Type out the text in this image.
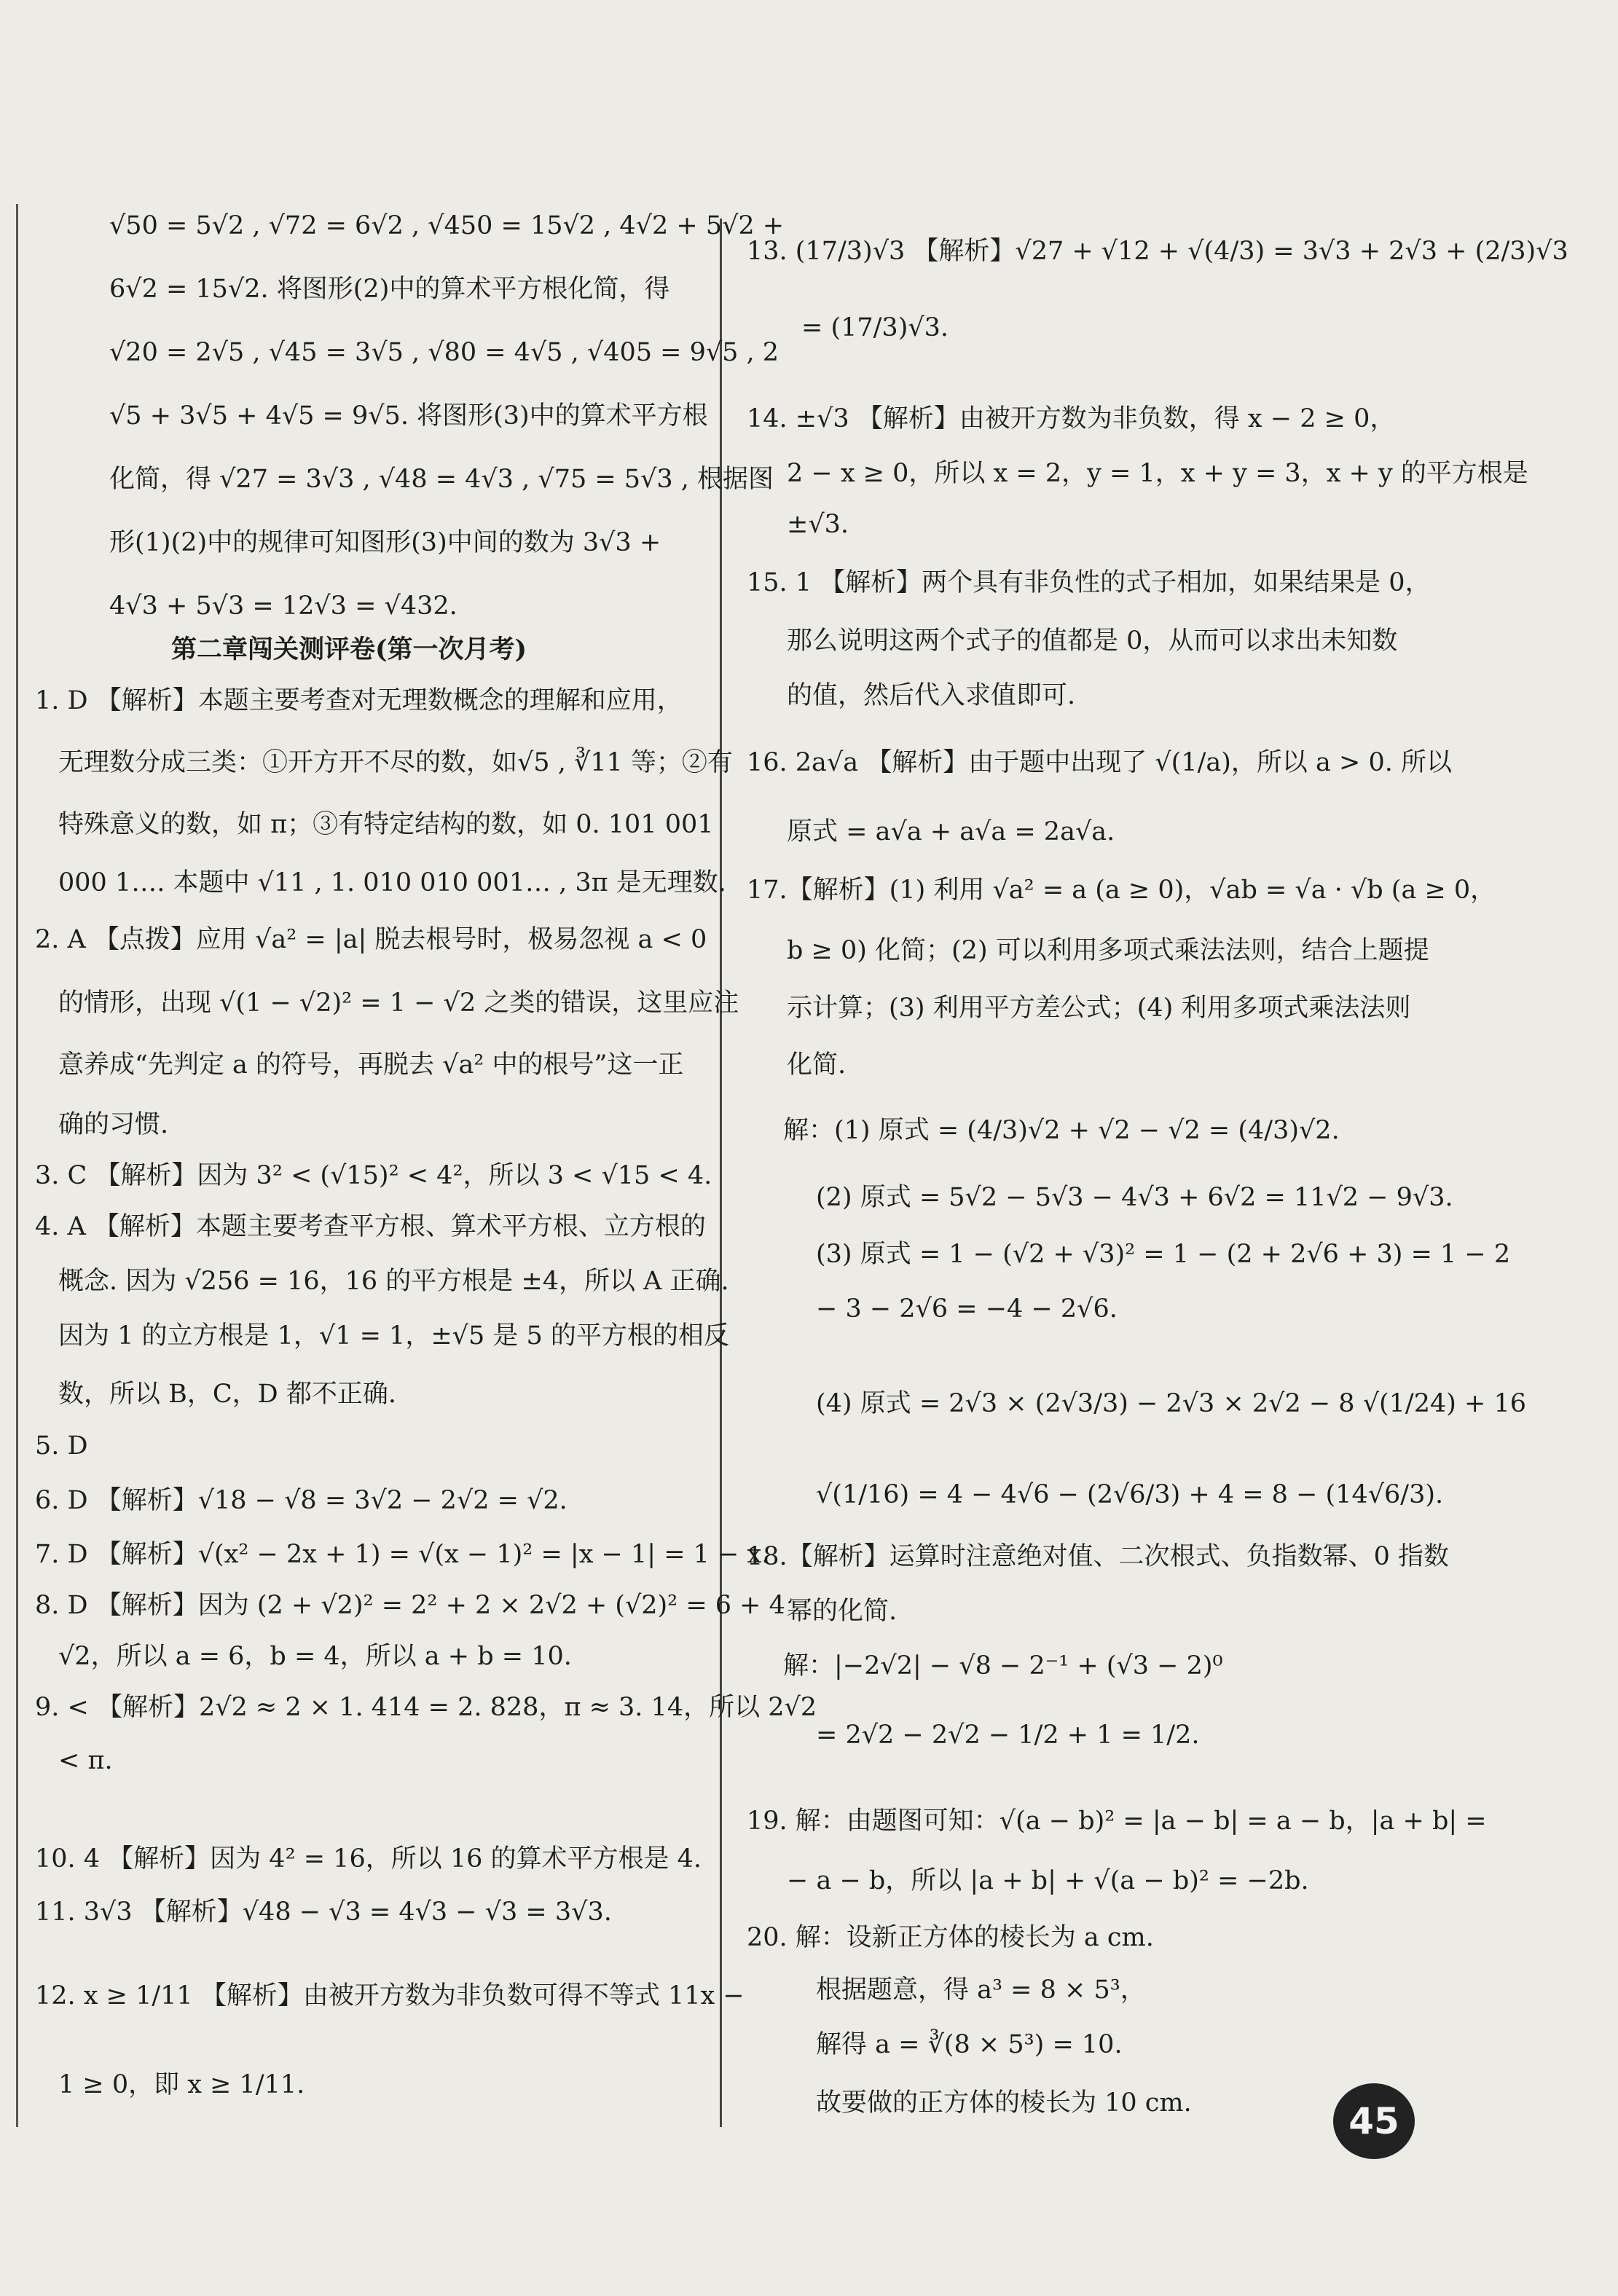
√50 = 5√2 , √72 = 6√2 , √450 = 15√2 , 4√2 + 5√2 +
6√2 = 15√2. 将图形(2)中的算术平方根化简，得
√20 = 2√5 , √45 = 3√5 , √80 = 4√5 , √405 = 9√5 , 2
√5 + 3√5 + 4√5 = 9√5. 将图形(3)中的算术平方根
化简，得 √27 = 3√3 , √48 = 4√3 , √75 = 5√3 , 根据图
形(1)(2)中的规律可知图形(3)中间的数为 3√3 +
4√3 + 5√3 = 12√3 = √432.
第二章闯关测评卷(第一次月考)
1. D 【解析】本题主要考查对无理数概念的理解和应用，
无理数分成三类：①开方开不尽的数，如√5 , ∛11 等；②有
特殊意义的数，如 π；③有特定结构的数，如 0. 101 001
000 1…. 本题中 √11 , 1. 010 010 001… , 3π 是无理数.
2. A 【点拨】应用 √a² = |a| 脱去根号时，极易忽视 a < 0
的情形，出现 √(1 − √2)² = 1 − √2 之类的错误，这里应注
意养成“先判定 a 的符号，再脱去 √a² 中的根号”这一正
确的习惯.
3. C 【解析】因为 3² < (√15)² < 4²，所以 3 < √15 < 4.
4. A 【解析】本题主要考查平方根、算术平方根、立方根的
概念. 因为 √256 = 16，16 的平方根是 ±4，所以 A 正确.
因为 1 的立方根是 1，√1 = 1，±√5 是 5 的平方根的相反
数，所以 B，C，D 都不正确.
5. D
6. D 【解析】√18 − √8 = 3√2 − 2√2 = √2.
7. D 【解析】√(x² − 2x + 1) = √(x − 1)² = |x − 1| = 1 − x.
8. D 【解析】因为 (2 + √2)² = 2² + 2 × 2√2 + (√2)² = 6 + 4
√2，所以 a = 6，b = 4，所以 a + b = 10.
9. < 【解析】2√2 ≈ 2 × 1. 414 = 2. 828，π ≈ 3. 14，所以 2√2
< π.
10. 4 【解析】因为 4² = 16，所以 16 的算术平方根是 4.
11. 3√3 【解析】√48 − √3 = 4√3 − √3 = 3√3.
12. x ≥ 1/11 【解析】由被开方数为非负数可得不等式 11x −
1 ≥ 0，即 x ≥ 1/11.
13. (17/3)√3 【解析】√27 + √12 + √(4/3) = 3√3 + 2√3 + (2/3)√3
= (17/3)√3.
14. ±√3 【解析】由被开方数为非负数，得 x − 2 ≥ 0，
2 − x ≥ 0，所以 x = 2，y = 1，x + y = 3，x + y 的平方根是
±√3.
15. 1 【解析】两个具有非负性的式子相加，如果结果是 0，
那么说明这两个式子的值都是 0，从而可以求出未知数
的值，然后代入求值即可.
16. 2a√a 【解析】由于题中出现了 √(1/a)，所以 a > 0. 所以
原式 = a√a + a√a = 2a√a.
17.【解析】(1) 利用 √a² = a (a ≥ 0)，√ab = √a · √b (a ≥ 0，
b ≥ 0) 化简；(2) 可以利用多项式乘法法则，结合上题提
示计算；(3) 利用平方差公式；(4) 利用多项式乘法法则
化简.
解：(1) 原式 = (4/3)√2 + √2 − √2 = (4/3)√2.
(2) 原式 = 5√2 − 5√3 − 4√3 + 6√2 = 11√2 − 9√3.
(3) 原式 = 1 − (√2 + √3)² = 1 − (2 + 2√6 + 3) = 1 − 2
− 3 − 2√6 = −4 − 2√6.
(4) 原式 = 2√3 × (2√3/3) − 2√3 × 2√2 − 8 √(1/24) + 16
√(1/16) = 4 − 4√6 − (2√6/3) + 4 = 8 − (14√6/3).
18.【解析】运算时注意绝对值、二次根式、负指数幂、0 指数
幂的化简.
解：|−2√2| − √8 − 2⁻¹ + (√3 − 2)⁰
= 2√2 − 2√2 − 1/2 + 1 = 1/2.
19. 解：由题图可知：√(a − b)² = |a − b| = a − b，|a + b| =
− a − b，所以 |a + b| + √(a − b)² = −2b.
20. 解：设新正方体的棱长为 a cm.
根据题意，得 a³ = 8 × 5³，
解得 a = ∛(8 × 5³) = 10.
故要做的正方体的棱长为 10 cm.	45
